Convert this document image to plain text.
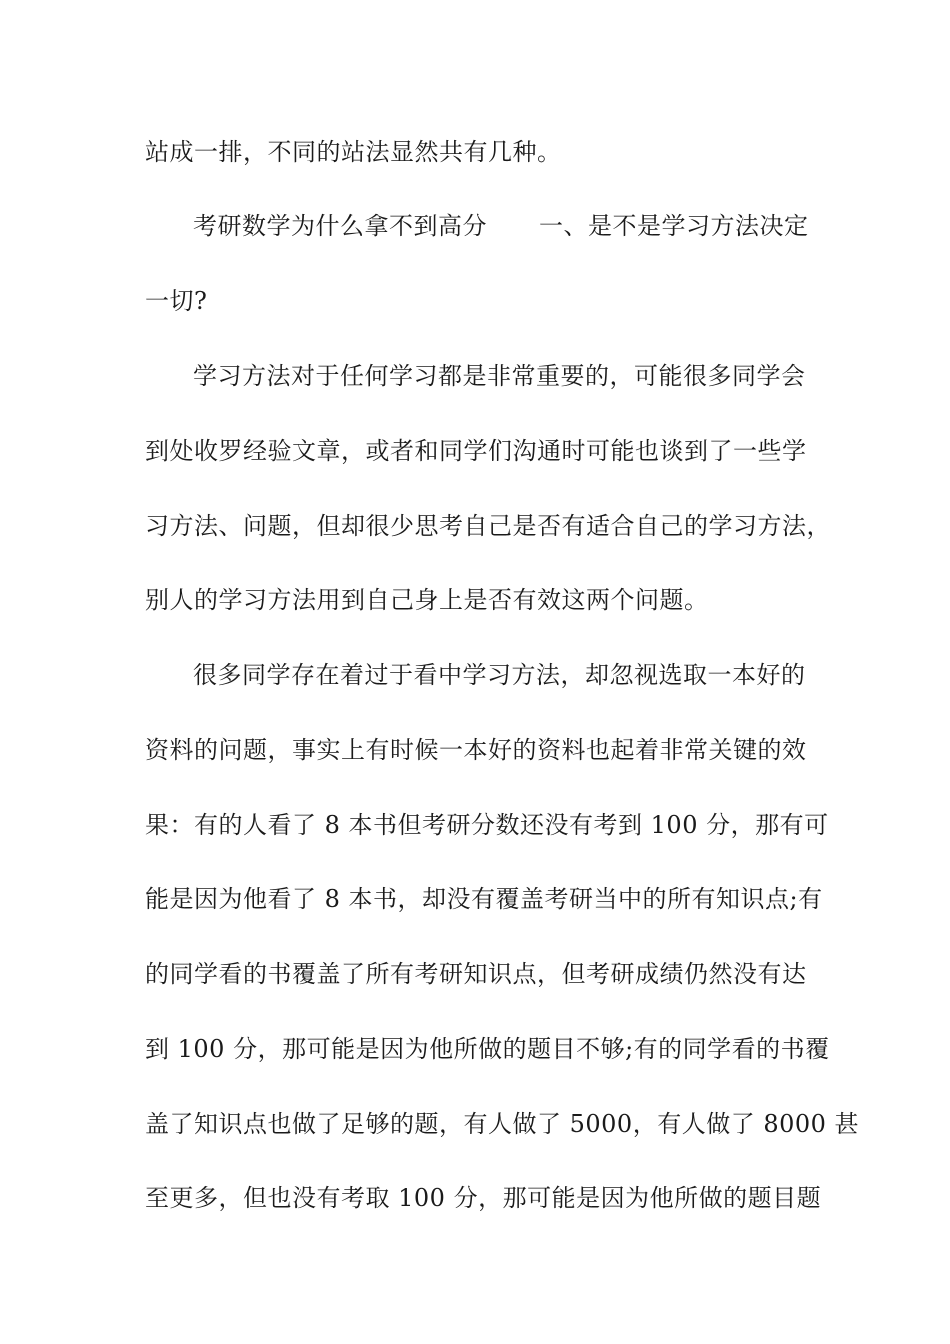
站成一排，不同的站法显然共有几种。
考研数学为什么拿不到高分 一、是不是学习方法决定
一切?
学习方法对于任何学习都是非常重要的，可能很多同学会
到处收罗经验文章，或者和同学们沟通时可能也谈到了一些学
习方法、问题，但却很少思考自己是否有适合自己的学习方法，
别人的学习方法用到自己身上是否有效这两个问题。
很多同学存在着过于看中学习方法，却忽视选取一本好的
资料的问题，事实上有时候一本好的资料也起着非常关键的效
果：有的人看了 8 本书但考研分数还没有考到 100 分，那有可
能是因为他看了 8 本书，却没有覆盖考研当中的所有知识点;有
的同学看的书覆盖了所有考研知识点，但考研成绩仍然没有达
到 100 分，那可能是因为他所做的题目不够;有的同学看的书覆
盖了知识点也做了足够的题，有人做了 5000，有人做了 8000 甚
至更多，但也没有考取 100 分，那可能是因为他所做的题目题
